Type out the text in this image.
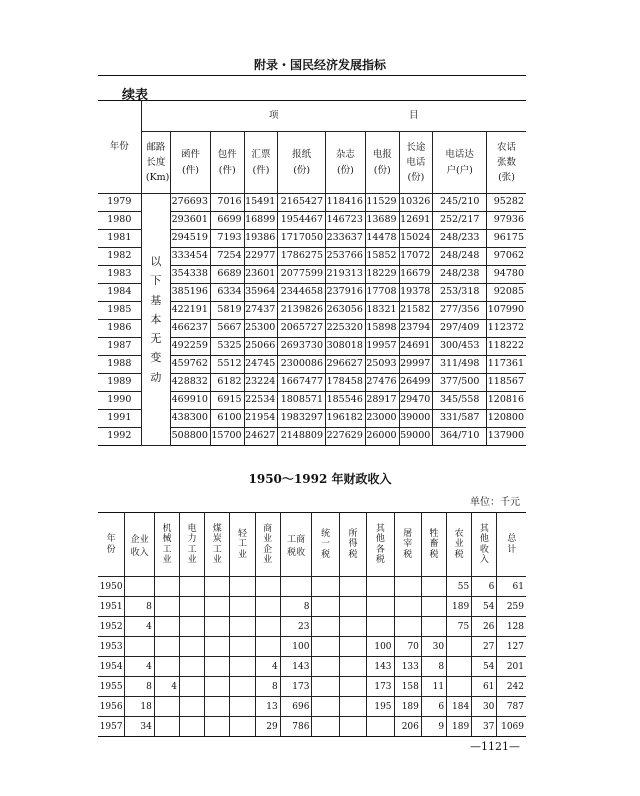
附录・国民经济发展指标
续表
年份	项 目									
	邮路长度(Km)	函件(件)	包件(件)	汇票(件)	报纸(份)	杂志(份)	电报(份)	长途电话(份)	电话达户(户)	农话张数(张)
1979	以下基本无变动	276693	7016	15491	2165427	118416	11529	10326	245/210	95282
1980		293601	6699	16899	1954467	146723	13689	12691	252/217	97936
1981		294519	7193	19386	1717050	233637	14478	15024	248/233	96175
1982		333454	7254	22977	1786275	253766	15852	17072	248/248	97062
1983		354338	6689	23601	2077599	219313	18229	16679	248/238	94780
1984		385196	6334	35964	2344658	237916	17708	19378	253/318	92085
1985		422191	5819	27437	2139826	263056	18321	21582	277/356	107990
1986		466237	5667	25300	2065727	225320	15898	23794	297/409	112372
1987		492259	5325	25066	2693730	308018	19957	24691	300/453	118222
1988		459762	5512	24745	2300086	296627	25093	29997	311/498	117361
1989		428832	6182	23224	1667477	178458	27476	26499	377/500	118567
1990		469910	6915	22534	1808571	185546	28917	29470	345/558	120816
1991		438300	6100	21954	1983297	196182	23000	39000	331/587	120800
1992		508800	15700	24627	2148809	227629	26000	59000	364/710	137900
1950～1992 年财政收入
单位：千元
年份	企业收入	机械工业	电力工业	煤炭工业	轻工业	商业企业	工商税收	统一税	所得税	其他各税	屠宰税	牲畜税	农业税	其他收入	总计
1950													55	6	61
1951	8						8						189	54	259
1952	4						23						75	26	128
1953							100			100	70	30		27	127
1954	4					4	143			143	133	8		54	201
1955	8	4				8	173			173	158	11		61	242
1956	18					13	696			195	189	6	184	30	787
1957	34					29	786				206	9	189	37	1069
—1121—
